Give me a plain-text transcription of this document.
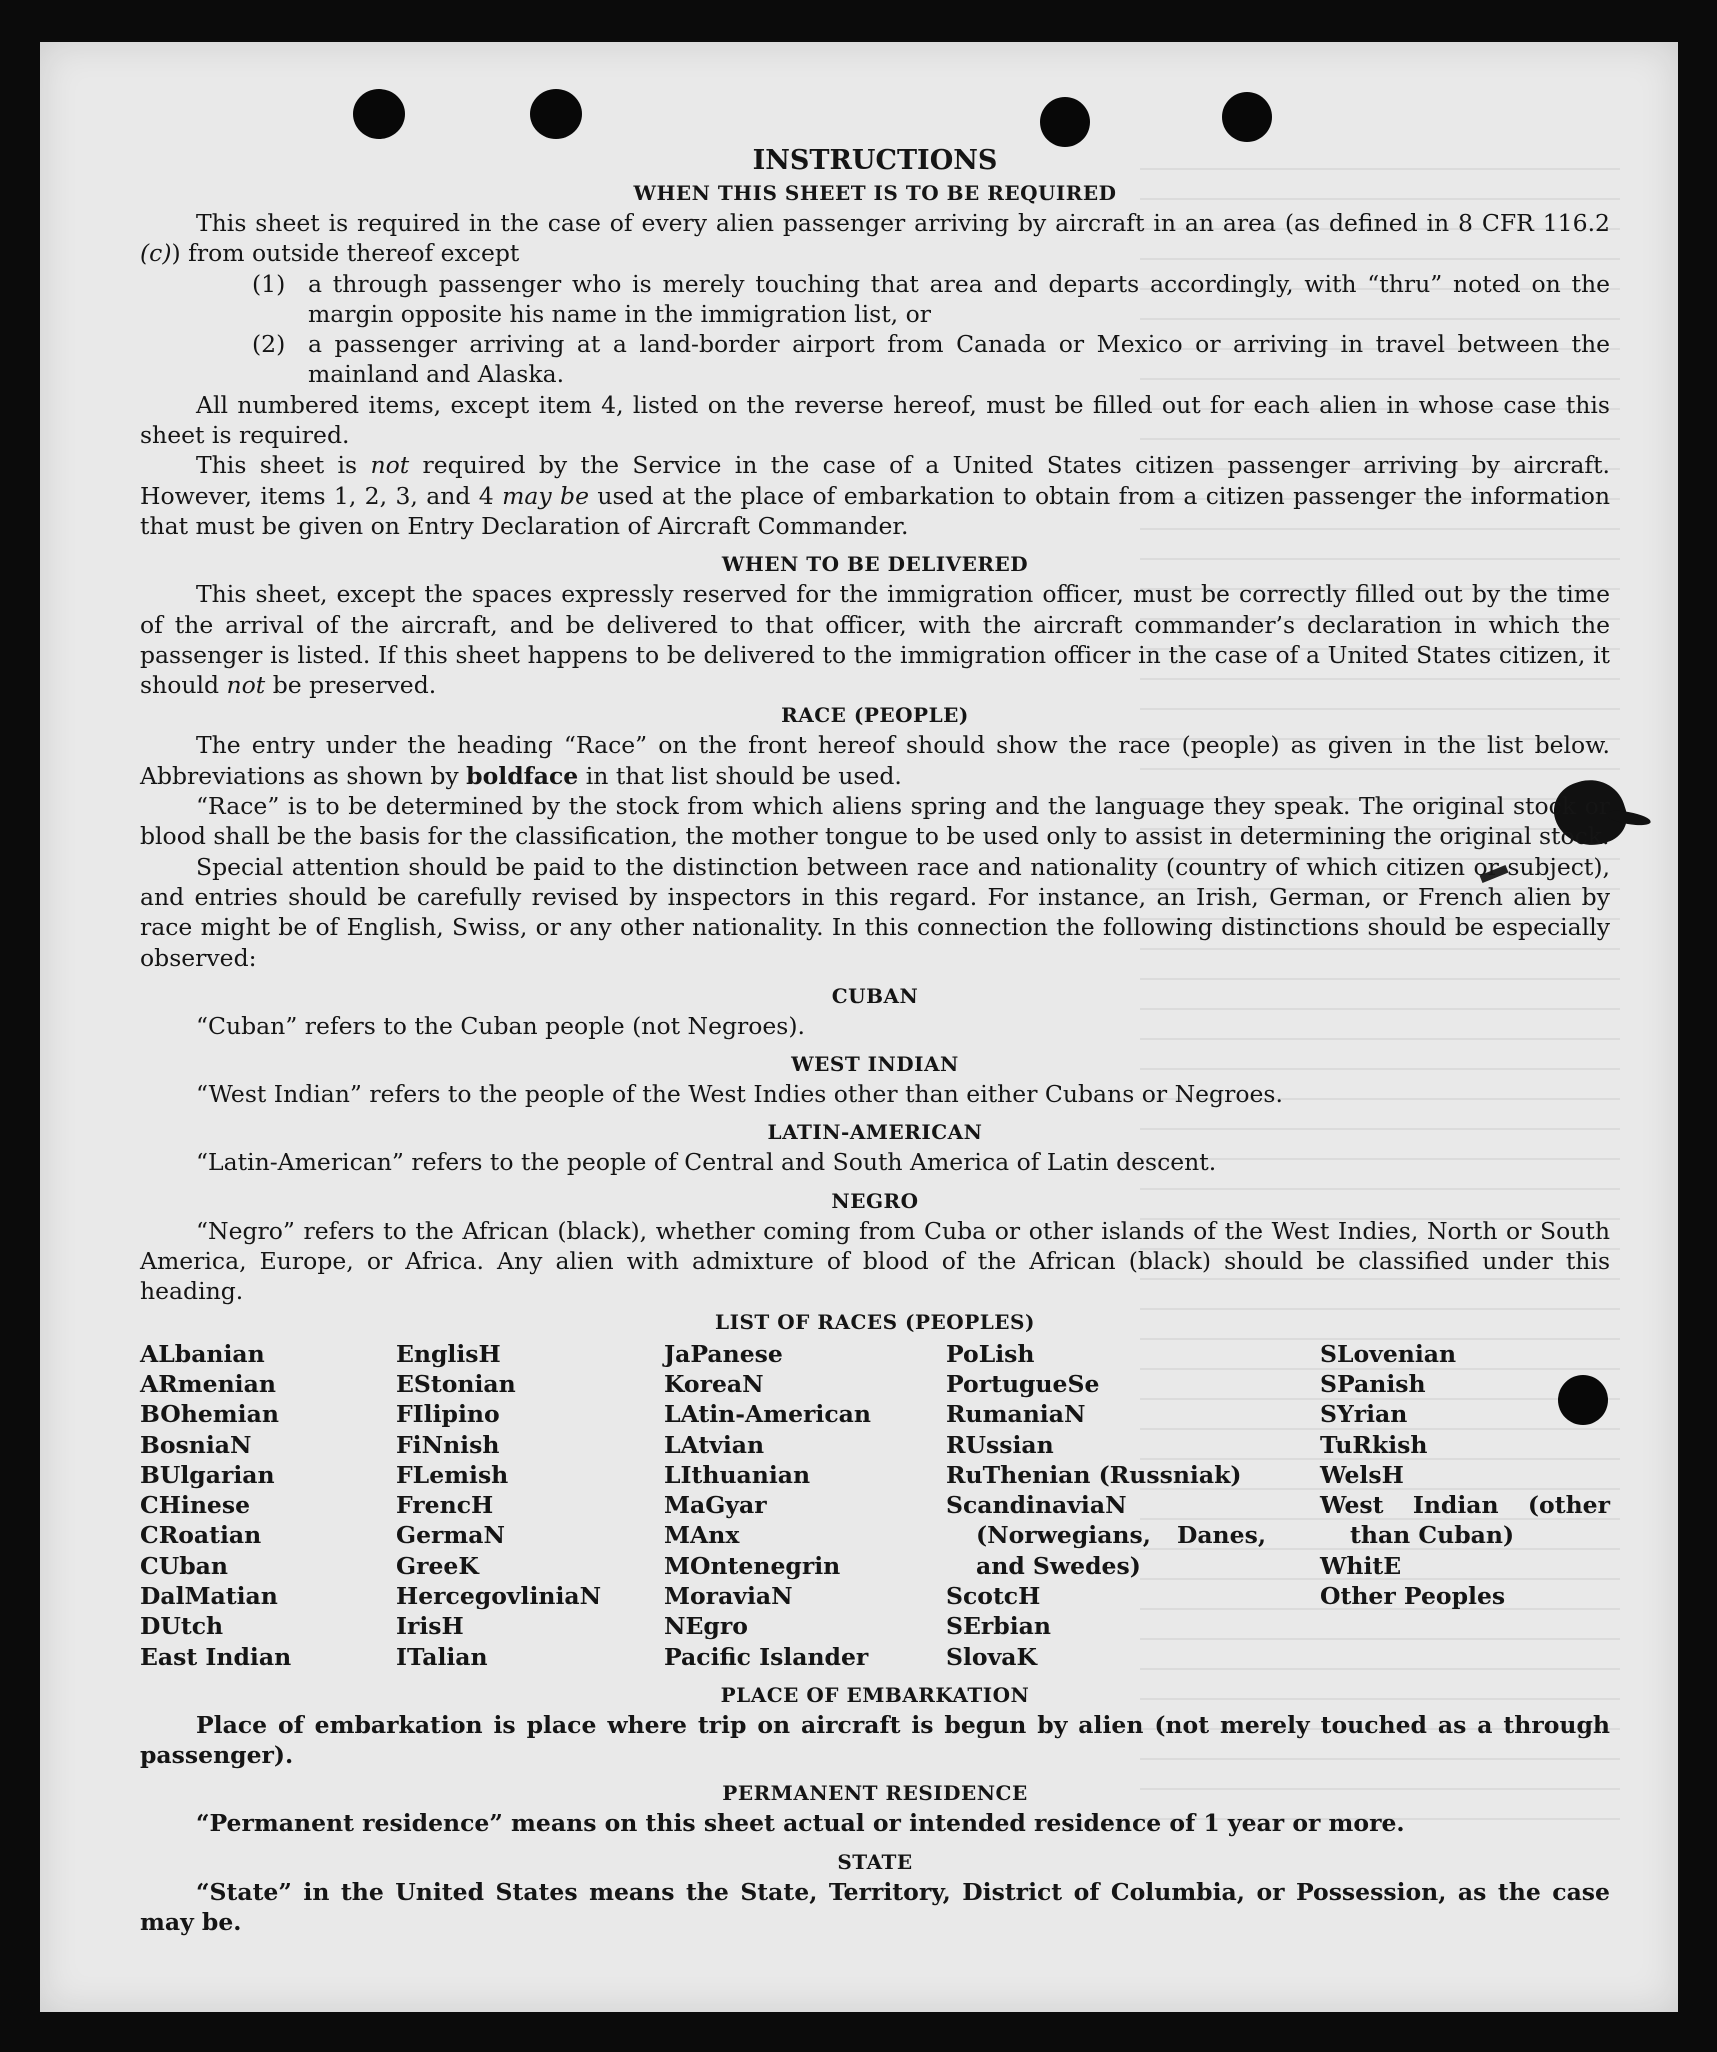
INSTRUCTIONS
WHEN THIS SHEET IS TO BE REQUIRED

This sheet is required in the case of every alien passenger arriving by aircraft in an area (as defined in 8 CFR 116.2 (c)) from outside thereof except

(1) a through passenger who is merely touching that area and departs accordingly, with “thru” noted on the margin opposite his name in the immigration list, or
(2) a passenger arriving at a land-border airport from Canada or Mexico or arriving in travel between the mainland and Alaska.

All numbered items, except item 4, listed on the reverse hereof, must be filled out for each alien in whose case this sheet is required.

This sheet is not required by the Service in the case of a United States citizen passenger arriving by aircraft. However, items 1, 2, 3, and 4 may be used at the place of embarkation to obtain from a citizen passenger the information that must be given on Entry Declaration of Aircraft Commander.

WHEN TO BE DELIVERED

This sheet, except the spaces expressly reserved for the immigration officer, must be correctly filled out by the time of the arrival of the aircraft, and be delivered to that officer, with the aircraft commander’s declaration in which the passenger is listed. If this sheet happens to be delivered to the immigration officer in the case of a United States citizen, it should not be preserved.

RACE (PEOPLE)

The entry under the heading “Race” on the front hereof should show the race (people) as given in the list below. Abbreviations as shown by boldface in that list should be used.

“Race” is to be determined by the stock from which aliens spring and the language they speak. The original stock or blood shall be the basis for the classification, the mother tongue to be used only to assist in determining the original stock.

Special attention should be paid to the distinction between race and nationality (country of which citizen or subject), and entries should be carefully revised by inspectors in this regard. For instance, an Irish, German, or French alien by race might be of English, Swiss, or any other nationality. In this connection the following distinctions should be especially observed:

CUBAN

“Cuban” refers to the Cuban people (not Negroes).

WEST INDIAN

“West Indian” refers to the people of the West Indies other than either Cubans or Negroes.

LATIN-AMERICAN

“Latin-American” refers to the people of Central and South America of Latin descent.

NEGRO

“Negro” refers to the African (black), whether coming from Cuba or other islands of the West Indies, North or South America, Europe, or Africa. Any alien with admixture of blood of the African (black) should be classified under this heading.

LIST OF RACES (PEOPLES)
ALbanian
ARmenian
BOhemian
BosniaN
BUlgarian
CHinese
CRoatian
CUban
DalMatian
DUtch
East Indian
EnglisH
EStonian
FIlipino
FiNnish
FLemish
FrencH
GermaN
GreeK
HercegovliniaN
IrisH
ITalian
JaPanese
KoreaN
LAtin-American
LAtvian
LIthuanian
MaGyar
MAnx
MOntenegrin
MoraviaN
NEgro
Pacific Islander
PoLish
PortugueSe
RumaniaN
RUssian
RuThenian (Russniak)
ScandinaviaN (Norwegians, Danes, and Swedes)
ScotcH
SErbian
SlovaK
SLovenian
SPanish
SYrian
TuRkish
WelsH
West Indian (other than Cuban)
WhitE
Other Peoples
PLACE OF EMBARKATION

Place of embarkation is place where trip on aircraft is begun by alien (not merely touched as a through passenger).

PERMANENT RESIDENCE

“Permanent residence” means on this sheet actual or intended residence of 1 year or more.

STATE

“State” in the United States means the State, Territory, District of Columbia, or Possession, as the case may be.
